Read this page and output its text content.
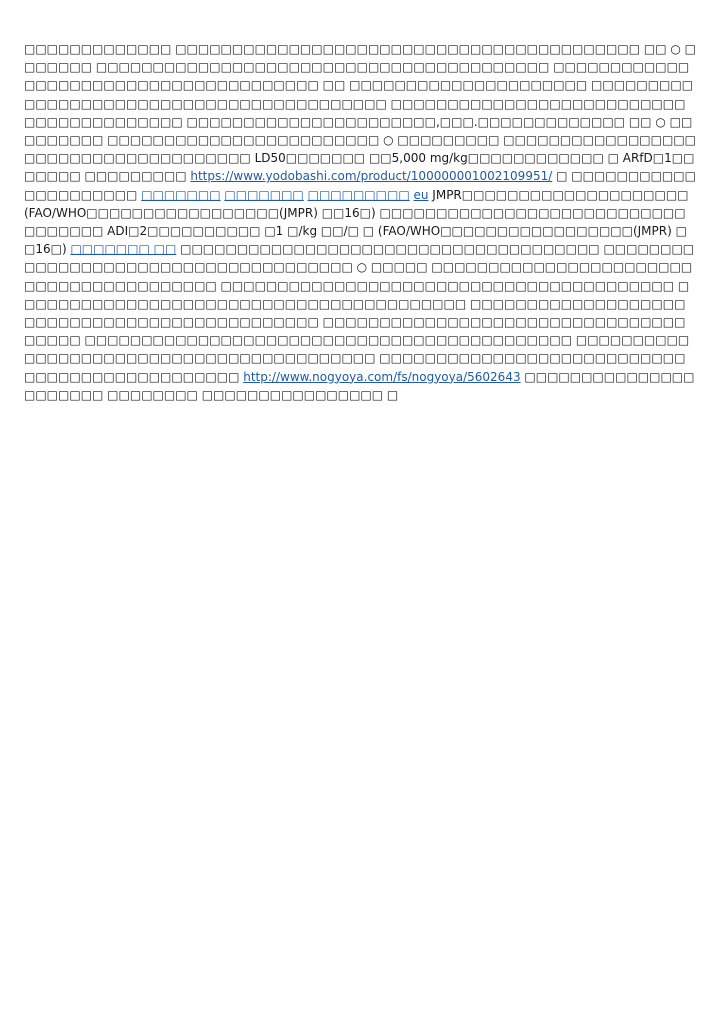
□□□□□□□□□□□□□ □□□□□□□□□□□□□□□□□□□□□□□□□□□□□□□□□□□□□□□□□ □□ ○ □□□□□□□ □□□□□□□□□□□□□□□□□□□□□□□□□□□□□□□□□□□□□□□□ □□□□□□□□□□□□□□□□□□□□□□□□□□□□□□□□□□□□□□ □□ □□□□□□□□□□□□□□□□□□□□□ □□□□□□□□□□□□□□□□□□□□□□□□□□□□□□□□□□□□□□□□□ □□□□□□□□□□□□□□□□□□□□□□□□□□□□□□□□□□□□□□□□ □□□□□□□□□□□□□□□□□□□□□□,□□□.□□□□□□□□□□□□□ □□ ○ □□□□□□□□□ □□□□□□□□□□□□□□□□□□□□□□□□ ○ □□□□□□□□□ □□□□□□□□□□□□□□□□□□□□□□□□□□□□□□□□□□□□□ LD50□□□□□□□ □□5,000 mg/kg□□□□□□□□□□□□ □ ARfD□1□□□□□□□ □□□□□□□□□ https://www.yodobashi.com/product/100000001002109951/ □ □□□□□□□□□□□□□□□□□□□□□ □□□□□□□ □□□□□□□ □□□□□□□□□ eu JMPR□□□□□□□□□□□□□□□□□□□□ (FAO/WHO□□□□□□□□□□□□□□□□□(JMPR) □□16□) □□□□□□□□□□□□□□□□□□□□□□□□□□□□□□□□□□ ADI□2□□□□□□□□□□ □1 □/kg □□/□ □ (FAO/WHO□□□□□□□□□□□□□□□□□(JMPR) □□16□) □□□□□□□ □□ □□□□□□□□□□□□□□□□□□□□□□□□□□□□□□□□□□□□□ □□□□□□□□□□□□□□□□□□□□□□□□□□□□□□□□□□□□□ ○ □□□□□ □□□□□□□□□□□□□□□□□□□□□□□□□□□□□□□□□□□□□□□□ □□□□□□□□□□□□□□□□□□□□□□□□□□□□□□□□□□□□□□□□ □□□□□□□□□□□□□□□□□□□□□□□□□□□□□□□□□□□□□□□□ □□□□□□□□□□□□□□□□□□□□□□□□□□□□□□□□□□□□□□□□□□□□□ □□□□□□□□□□□□□□□□□□□□□□□□□□□□□□□□□□□□□ □□□□□□□□□□□□□□□□□□□□□□□□□□□□□□□□□□□□□□□□□□□ □□□□□□□□□□□□□□□□□□□□□□□□□□□□□□□□□□□□□□□□□ □□□□□□□□□□□□□□□□□□□□□□□□□□□□□□□□□□□□□□□□□□□□□□ http://www.nogyoya.com/fs/nogyoya/5602643 □□□□□□□□□□□□□□□□□□□□□□ □□□□□□□□ □□□□□□□□□□□□□□□□ □
